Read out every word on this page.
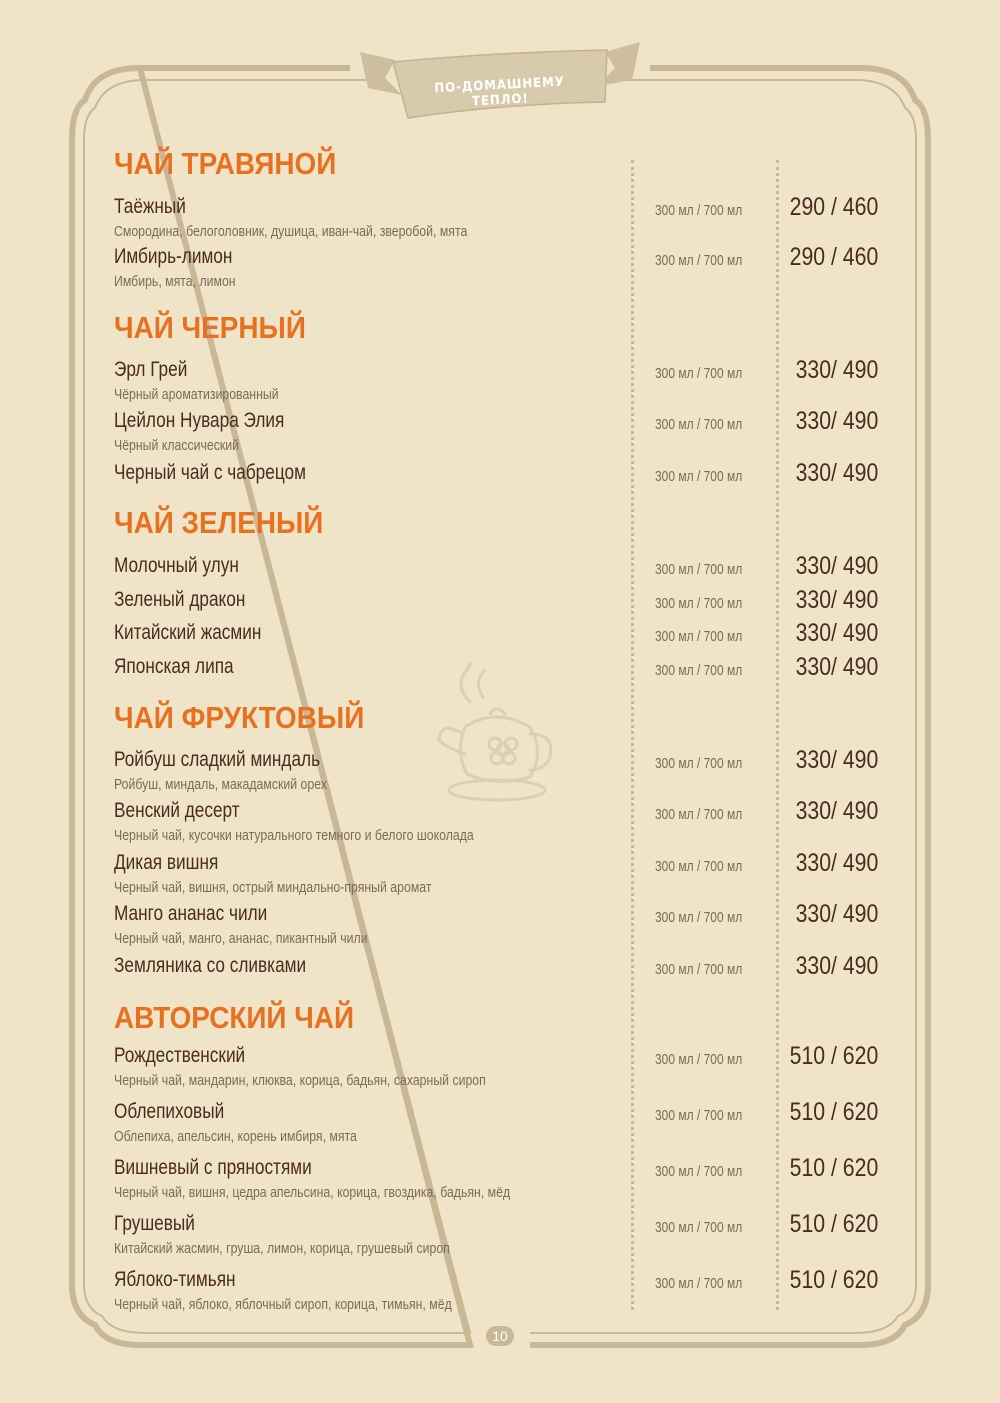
ПО-ДОМАШНЕМУ ТЕПЛО!
ЧАЙ ТРАВЯНОЙ
Таёжный
Смородина, белоголовник, душица, иван-чай, зверобой, мята
300 мл / 700 мл 290 / 460
Имбирь-лимон
Имбирь, мята, лимон
300 мл / 700 мл 290 / 460
ЧАЙ ЧЕРНЫЙ
Эрл Грей
Чёрный ароматизированный
300 мл / 700 мл 330/ 490
Цейлон Нувара Элия
Чёрный классический
300 мл / 700 мл 330/ 490
Черный чай с чабрецом	300 мл / 700 мл 330/ 490
ЧАЙ ЗЕЛЕНЫЙ
Молочный улун	300 мл / 700 мл 330/ 490
Зеленый дракон	300 мл / 700 мл 330/ 490
Китайский жасмин	300 мл / 700 мл 330/ 490
Японская липа	300 мл / 700 мл 330/ 490
ЧАЙ ФРУКТОВЫЙ
Ройбуш сладкий миндаль
Ройбуш, миндаль, макадамский орех
300 мл / 700 мл 330/ 490
Венский десерт
Черный чай, кусочки натурального темного и белого шоколада
300 мл / 700 мл 330/ 490
Дикая вишня
Черный чай, вишня, острый миндально-пряный аромат
300 мл / 700 мл 330/ 490
Манго ананас чили
Черный чай, манго, ананас, пикантный чили
300 мл / 700 мл 330/ 490
Земляника со сливками	300 мл / 700 мл 330/ 490
АВТОРСКИЙ ЧАЙ
Рождественский
Черный чай, мандарин, клюква, корица, бадьян, сахарный сироп
300 мл / 700 мл 510 / 620
Облепиховый
Облепиха, апельсин, корень имбиря, мята
300 мл / 700 мл 510 / 620
Вишневый с пряностями
Черный чай, вишня, цедра апельсина, корица, гвоздика, бадьян, мёд
300 мл / 700 мл 510 / 620
Грушевый
Китайский жасмин, груша, лимон, корица, грушевый сироп
300 мл / 700 мл 510 / 620
Яблоко-тимьян
Черный чай, яблоко, яблочный сироп, корица, тимьян, мёд
300 мл / 700 мл 510 / 620
10
